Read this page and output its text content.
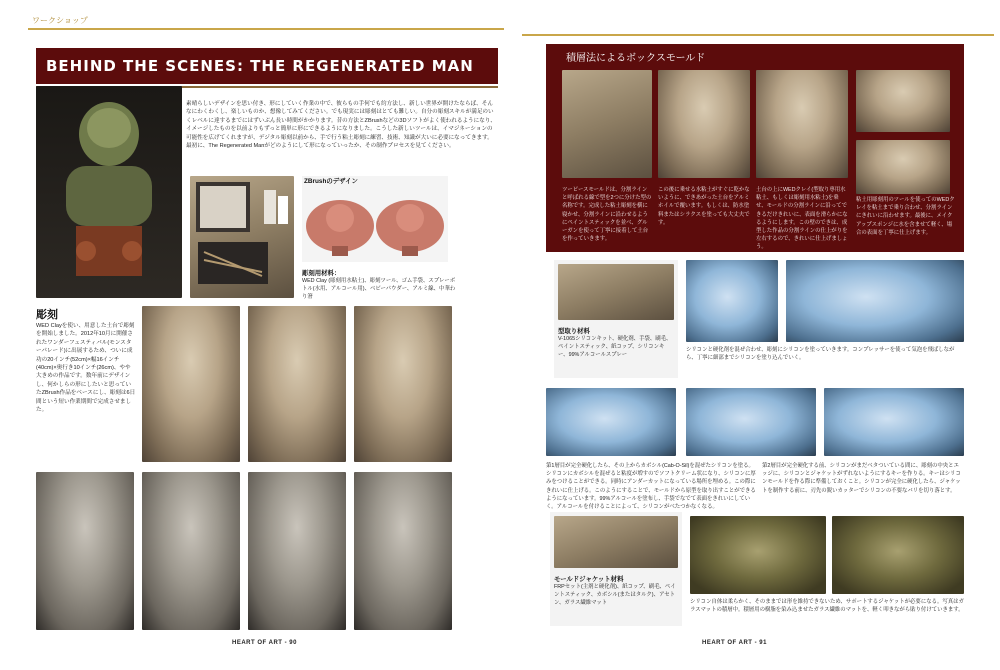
ワークショップ
BEHIND THE SCENES: THE REGENERATED MAN
素晴らしいデザインを思い付き、形にしていく作業の中で、彼らもの手何でも約方法し、新しい世界が開けたならば、そんなにわくわくし、楽しいものか、想像してみてください。でも現実には彫刻はとても難しい。自分の彫刻スキルが満足のいくレベルに達するまでにはずいぶん長い時間がかかります。昔の方法とZBrushなどの3Dソフトがよく使われるようになり、イメージしたものを以前よりもずっと簡単に形にできるようになりました。こうした新しいツールは、イマジネーションの可能性を広げてくれますが、デジタル彫刻以前から、手で行う粘土彫刻に練習、技術、知識が大いに必要になってきます。最初に、The Regenerated Manがどのようにして形になっていったか、その制作プロセスを見てください。
ZBrushのデザイン
彫刻用材料：
WED Clay (彫刻用水粘土)、彫刻ツール、ゴム手袋、スプレーボトル(水用、アルコール用)、ベビーパウダー、アルミ線、中華わり箸
彫刻
WED Clayを使い、用意した土台で彫刻を開始しました。2012年10月に開催されたワンダーフェスティバル(モンスターパレード)に出展するため、ついに成功の20インチ(52cm)×幅16インチ(40cm)×奥行き10インチ(26cm)、やや大きめの作品です。数年前にデザインし、何かしらの形にしたいと思っていたZBrush作品をベースにし、彫刻は6日間という短い作業期間で完成させました。
HEART OF ART - 90
積層法によるボックスモールド
ツーピースモールドは、分割ラインと呼ばれる線で型を2つに分けた型の名称です。完成した粘土彫刻を横に寝かせ、分割ラインに沿わせるようにペイントスティックを並べ、グルーガンを使って丁寧に接着して土台を作っていきます。
この後に乗せる水粘土がすぐに乾かないように、できあがった土台をアルミホイルで覆います。もしくは、防水塗料またはシラクスを塗っても大丈夫です。
土台の上にWEDクレイ(型取り専用水粘土、もしくは彫刻用水粘土)を乗せ、モールドの分割ラインに沿ってできるだけきれいに、表面を滑らかになるようにします。この壁のできは、成型した作品の分割ラインの仕上がりを左右するので、きれいに仕上げましょう。
粘土用彫刻用のツールを使ってのWEDクレイを粘土まで乗り合わせ、分割ラインにきれいに沿わせます。最後に、メイクアップスポンジに水を含ませて軽く、場合の表面を丁寧に仕上げます。
型取り材料
V-1065シリコンキット、硬化剤、手袋、刷毛、ペイントスティック、紙コップ、シリコンキー、99%アルコールスプレー
シリコンと硬化剤を混ぜ合わせ、彫刻にシリコンを塗っていきます。コンプレッサーを使って気泡を飛ばしながら、丁寧に細部までシリコンを塗り込んでいく。
第1層目が完全硬化したら、その上からカボシル(Cab-O-Sil)を混ぜたシリコンを塗る。シリコンにカボシルを混ぜると粘度が増すのでソフトクリーム状になり、シリコンに厚みをつけることができる。同時にアンダーカットになっている場所を埋める。この際にきれいに仕上げる。このようにすることで、モールドから原型を取り出すことができるようになっています。99%アルコールを塗布し、手袋でなでて表面をきれいにしていく。アルコールを付けることによって、シリコンがべたつかなくなる。
第2層目が完全硬化する前、シリコンがまだベタついている間に、彫刻の中央とエッジに、シリコンとジャケットがずれないようにするキーを作りる。キーはシリコンモールドを作る際に準備しておくこと。シリコンが完全に硬化したら、ジャケットを制作する前に、刃先の鋭いカッターでシリコンの不要なバリを切り落とす。
モールドジャケット材料
FRPセット(主剤と硬化剤)、紙コップ、刷毛、ペイントスティック、カボシル(またはタルク)、アセトン、ガラス繊維マット	シリコン自体は柔らかく、そのままでは形を維持できないため、サポートするジャケットが必要になる。写真はガラスマットの積層中。積層用の樹脂を染み込ませたガラス繊維のマットを、軽く叩きながら貼り付けていきます。
HEART OF ART - 91
